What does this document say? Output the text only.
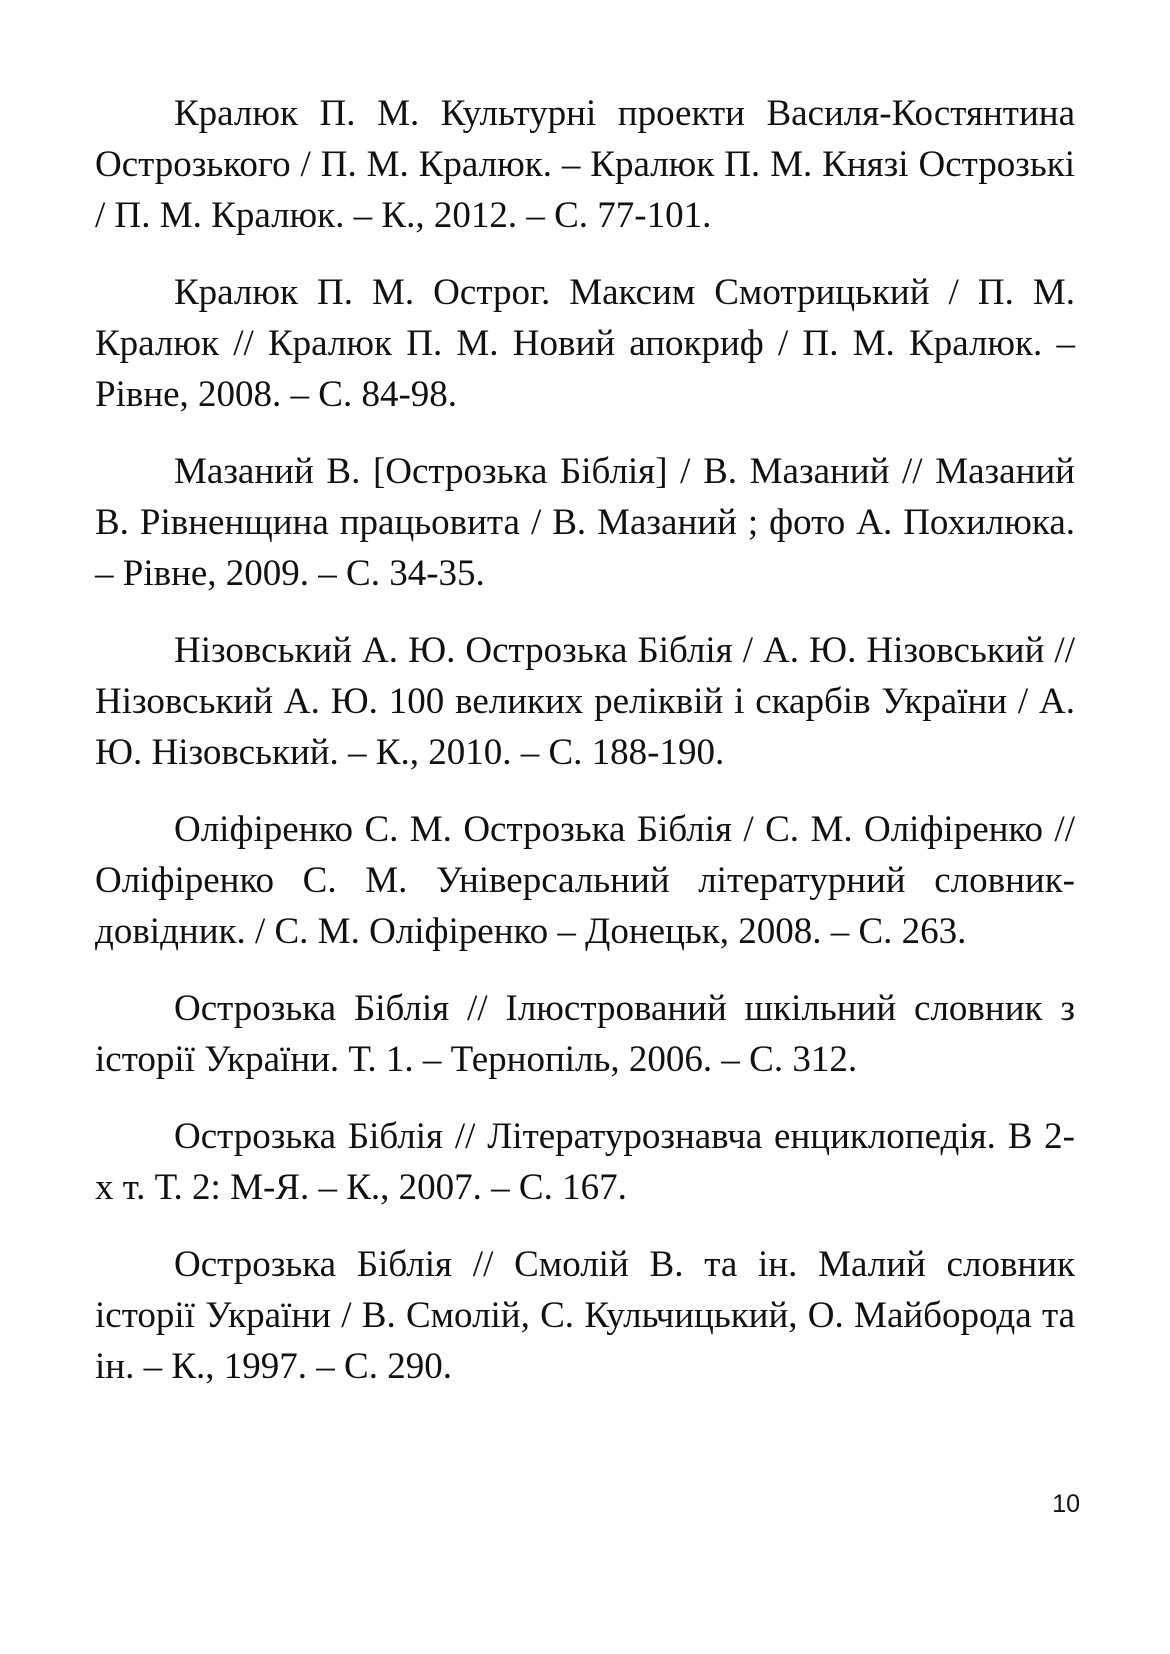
Кралюк П. М. Культурні проекти Василя-Костянтина Острозького / П. М. Кралюк. – Кралюк П. М. Князі Острозькі / П. М. Кралюк. – К., 2012. – С. 77-101.

Кралюк П. М. Острог. Максим Смотрицький / П. М. Кралюк // Кралюк П. М. Новий апокриф / П. М. Кралюк. – Рівне, 2008. – С. 84-98.

Мазаний В. [Острозька Біблія] / В. Мазаний // Мазаний В. Рівненщина працьовита / В. Мазаний ; фото А. Похилюка. – Рівне, 2009. – С. 34-35.

Нізовський А. Ю. Острозька Біблія / А. Ю. Нізовський // Нізовський А. Ю. 100 великих реліквій і скарбів України / А. Ю. Нізовський. – К., 2010. – С. 188-190.

Оліфіренко С. М. Острозька Біблія / С. М. Оліфіренко // Оліфіренко С. М. Універсальний літературний словник-довідник. / С. М. Оліфіренко – Донецьк, 2008. – С. 263.

Острозька Біблія // Ілюстрований шкільний словник з історії України. Т. 1. – Тернопіль, 2006. – С. 312.

Острозька Біблія // Літературознавча енциклопедія. В 2-х т. Т. 2: М-Я. – К., 2007. – С. 167.

Острозька Біблія // Смолій В. та ін. Малий словник історії України / В. Смолій, С. Кульчицький, О. Майборода та ін. – К., 1997. – С. 290.

10
